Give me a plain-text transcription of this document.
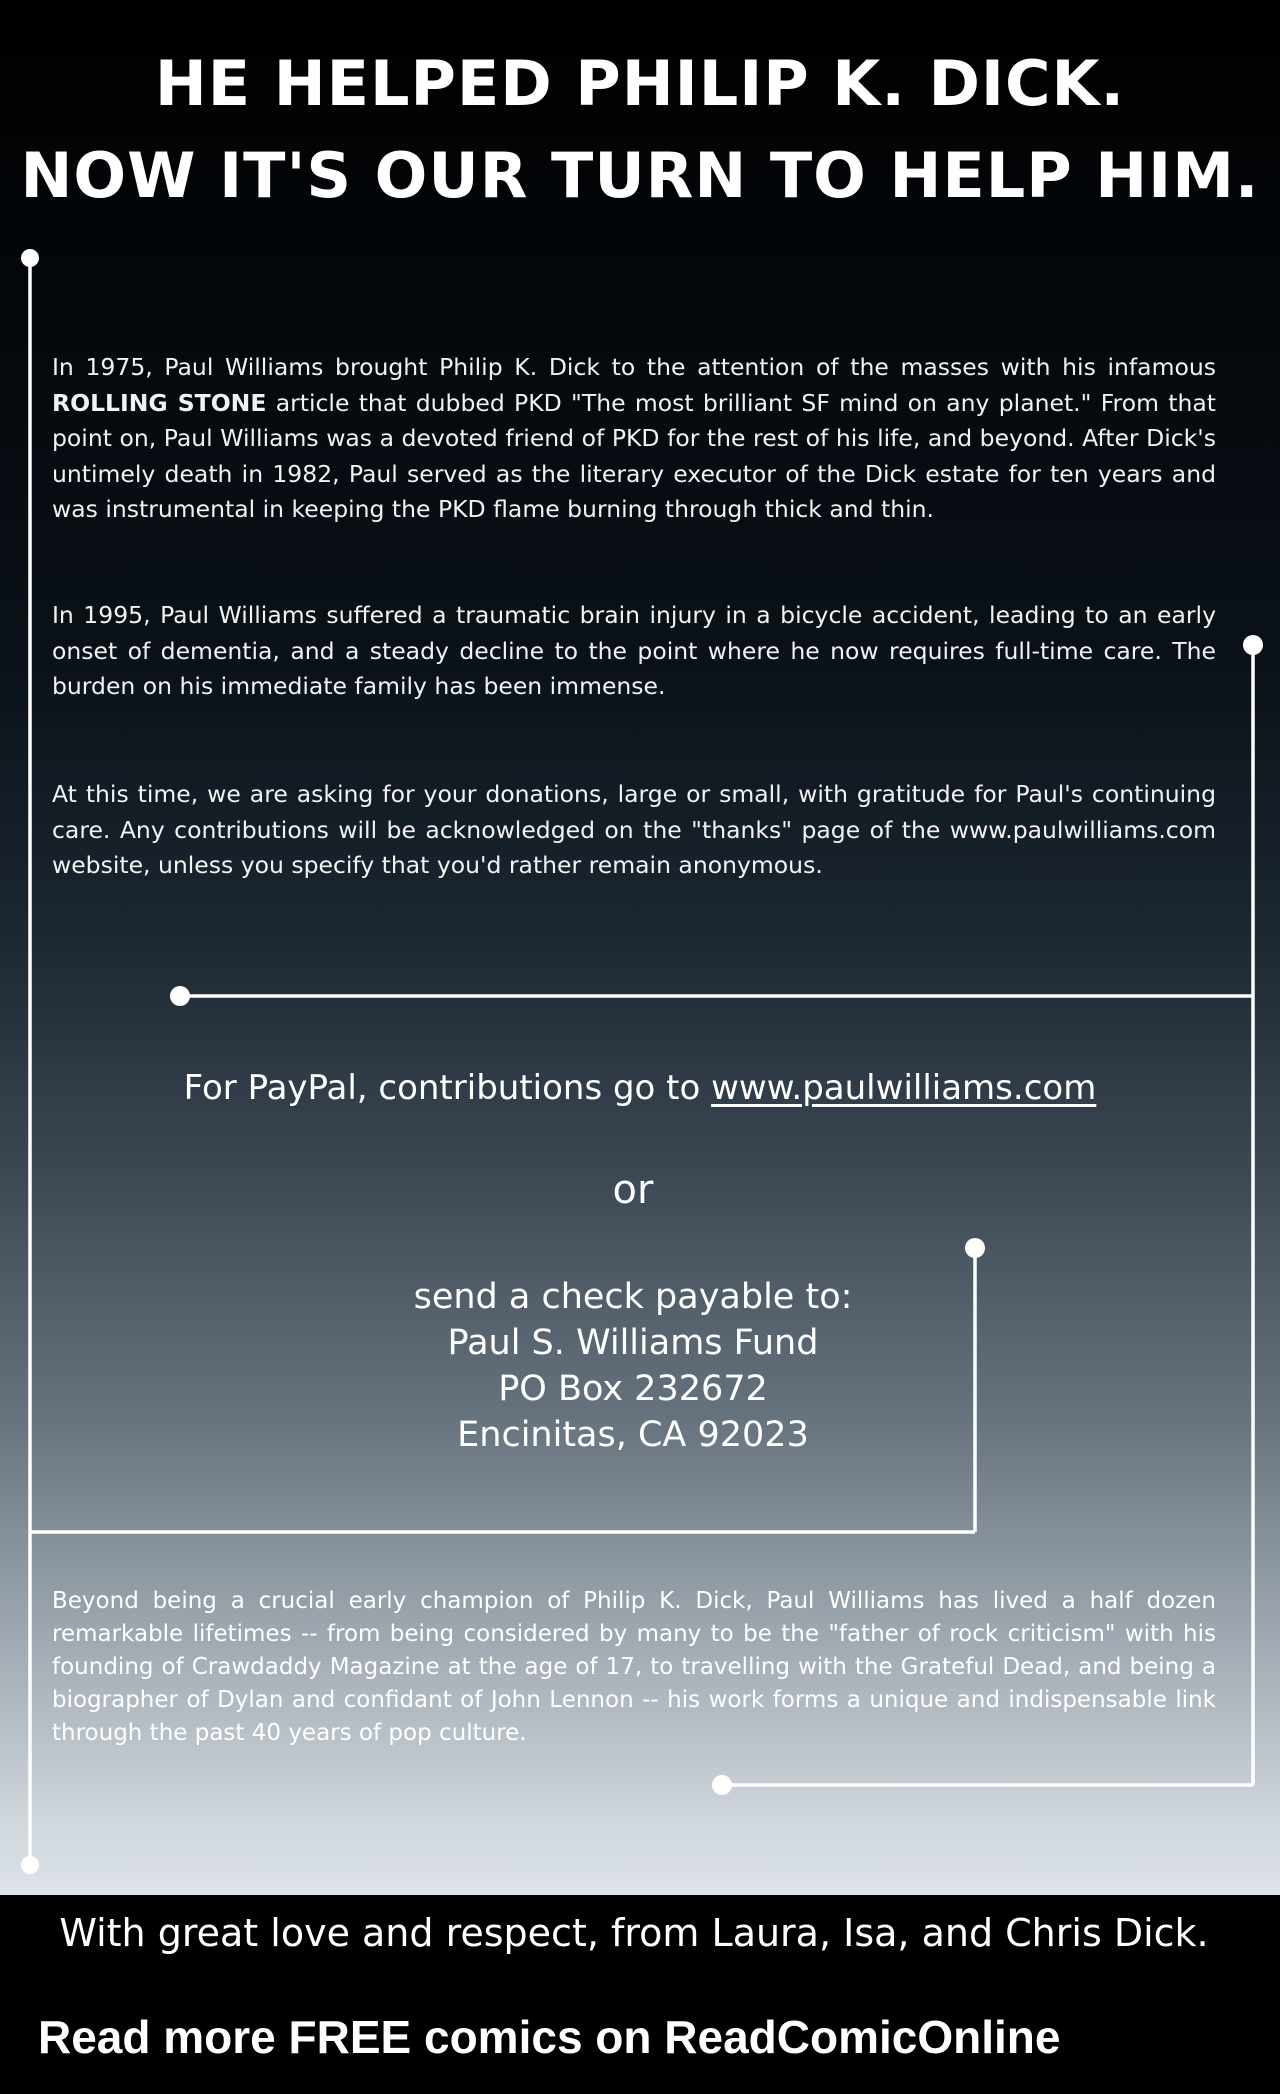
HE HELPED PHILIP K. DICK.
NOW IT'S OUR TURN TO HELP HIM.
In 1975, Paul Williams brought Philip K. Dick to the attention of the masses with his infamous ROLLING STONE article that dubbed PKD "The most brilliant SF mind on any planet." From that point on, Paul Williams was a devoted friend of PKD for the rest of his life, and beyond. After Dick's untimely death in 1982, Paul served as the literary executor of the Dick estate for ten years and was instrumental in keeping the PKD flame burning through thick and thin.
In 1995, Paul Williams suffered a traumatic brain injury in a bicycle accident, leading to an early onset of dementia, and a steady decline to the point where he now requires full-time care. The burden on his immediate family has been immense.
At this time, we are asking for your donations, large or small, with gratitude for Paul's continuing care. Any contributions will be acknowledged on the "thanks" page of the www.paulwilliams.com website, unless you specify that you'd rather remain anonymous.
For PayPal, contributions go to www.paulwilliams.com
or
send a check payable to:
Paul S. Williams Fund
PO Box 232672
Encinitas, CA 92023
Beyond being a crucial early champion of Philip K. Dick, Paul Williams has lived a half dozen remarkable lifetimes -- from being considered by many to be the "father of rock criticism" with his founding of Crawdaddy Magazine at the age of 17, to travelling with the Grateful Dead, and being a biographer of Dylan and confidant of John Lennon -- his work forms a unique and indispensable link through the past 40 years of pop culture.
With great love and respect, from Laura, Isa, and Chris Dick.
Read more FREE comics on ReadComicOnline
